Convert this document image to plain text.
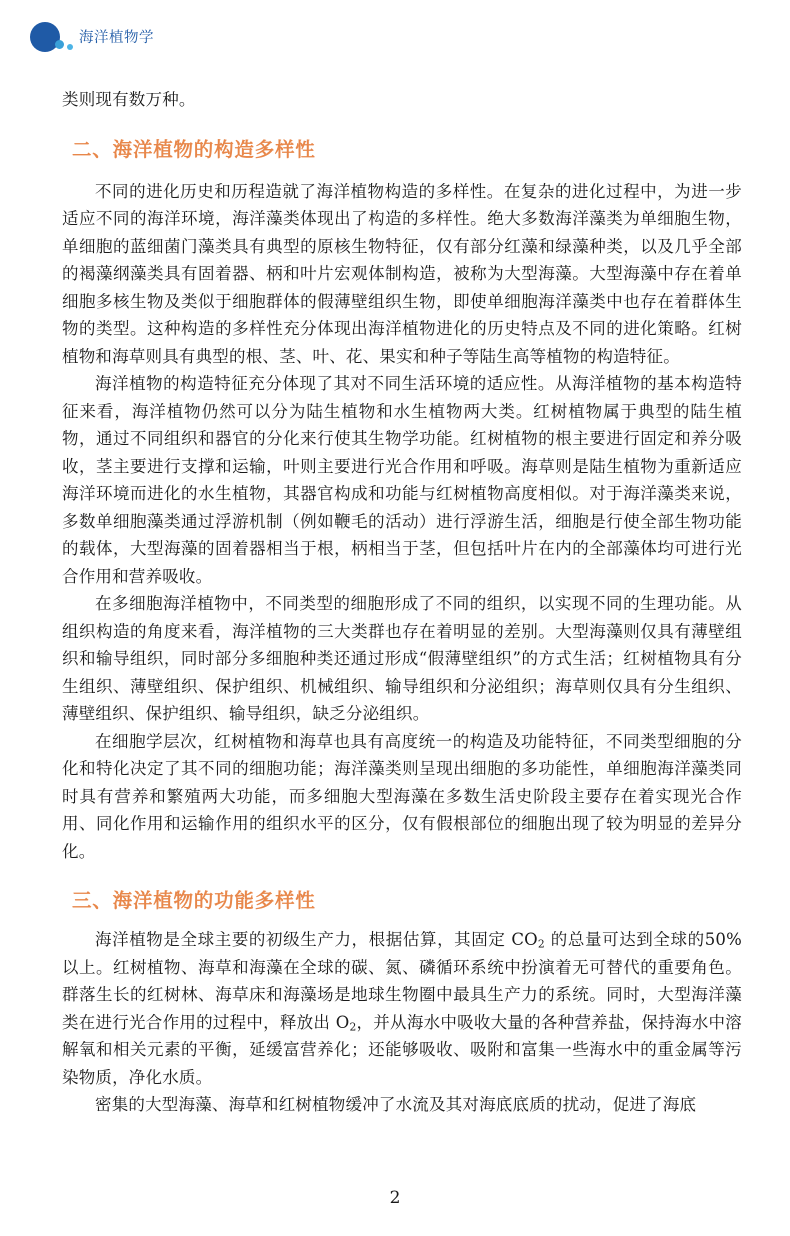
海洋植物学

类则现有数万种。

二、海洋植物的构造多样性

不同的进化历史和历程造就了海洋植物构造的多样性。在复杂的进化过程中，为进一步适应不同的海洋环境，海洋藻类体现出了构造的多样性。绝大多数海洋藻类为单细胞生物，单细胞的蓝细菌门藻类具有典型的原核生物特征，仅有部分红藻和绿藻种类，以及几乎全部的褐藻纲藻类具有固着器、柄和叶片宏观体制构造，被称为大型海藻。大型海藻中存在着单细胞多核生物及类似于细胞群体的假薄壁组织生物，即使单细胞海洋藻类中也存在着群体生物的类型。这种构造的多样性充分体现出海洋植物进化的历史特点及不同的进化策略。红树植物和海草则具有典型的根、茎、叶、花、果实和种子等陆生高等植物的构造特征。

海洋植物的构造特征充分体现了其对不同生活环境的适应性。从海洋植物的基本构造特征来看，海洋植物仍然可以分为陆生植物和水生植物两大类。红树植物属于典型的陆生植物，通过不同组织和器官的分化来行使其生物学功能。红树植物的根主要进行固定和养分吸收，茎主要进行支撑和运输，叶则主要进行光合作用和呼吸。海草则是陆生植物为重新适应海洋环境而进化的水生植物，其器官构成和功能与红树植物高度相似。对于海洋藻类来说，多数单细胞藻类通过浮游机制（例如鞭毛的活动）进行浮游生活，细胞是行使全部生物功能的载体，大型海藻的固着器相当于根，柄相当于茎，但包括叶片在内的全部藻体均可进行光合作用和营养吸收。

在多细胞海洋植物中，不同类型的细胞形成了不同的组织，以实现不同的生理功能。从组织构造的角度来看，海洋植物的三大类群也存在着明显的差别。大型海藻则仅具有薄壁组织和输导组织，同时部分多细胞种类还通过形成“假薄壁组织”的方式生活；红树植物具有分生组织、薄壁组织、保护组织、机械组织、输导组织和分泌组织；海草则仅具有分生组织、薄壁组织、保护组织、输导组织，缺乏分泌组织。

在细胞学层次，红树植物和海草也具有高度统一的构造及功能特征，不同类型细胞的分化和特化决定了其不同的细胞功能；海洋藻类则呈现出细胞的多功能性，单细胞海洋藻类同时具有营养和繁殖两大功能，而多细胞大型海藻在多数生活史阶段主要存在着实现光合作用、同化作用和运输作用的组织水平的区分，仅有假根部位的细胞出现了较为明显的差异分化。

三、海洋植物的功能多样性

海洋植物是全球主要的初级生产力，根据估算，其固定 $CO_2$ 的总量可达到全球的50% 以上。红树植物、海草和海藻在全球的碳、氮、磷循环系统中扮演着无可替代的重要角色。群落生长的红树林、海草床和海藻场是地球生物圈中最具生产力的系统。同时，大型海洋藻类在进行光合作用的过程中，释放出 $O_2$，并从海水中吸收大量的各种营养盐，保持海水中溶解氧和相关元素的平衡，延缓富营养化；还能够吸收、吸附和富集一些海水中的重金属等污染物质，净化水质。

密集的大型海藻、海草和红树植物缓冲了水流及其对海底底质的扰动，促进了海底

2
